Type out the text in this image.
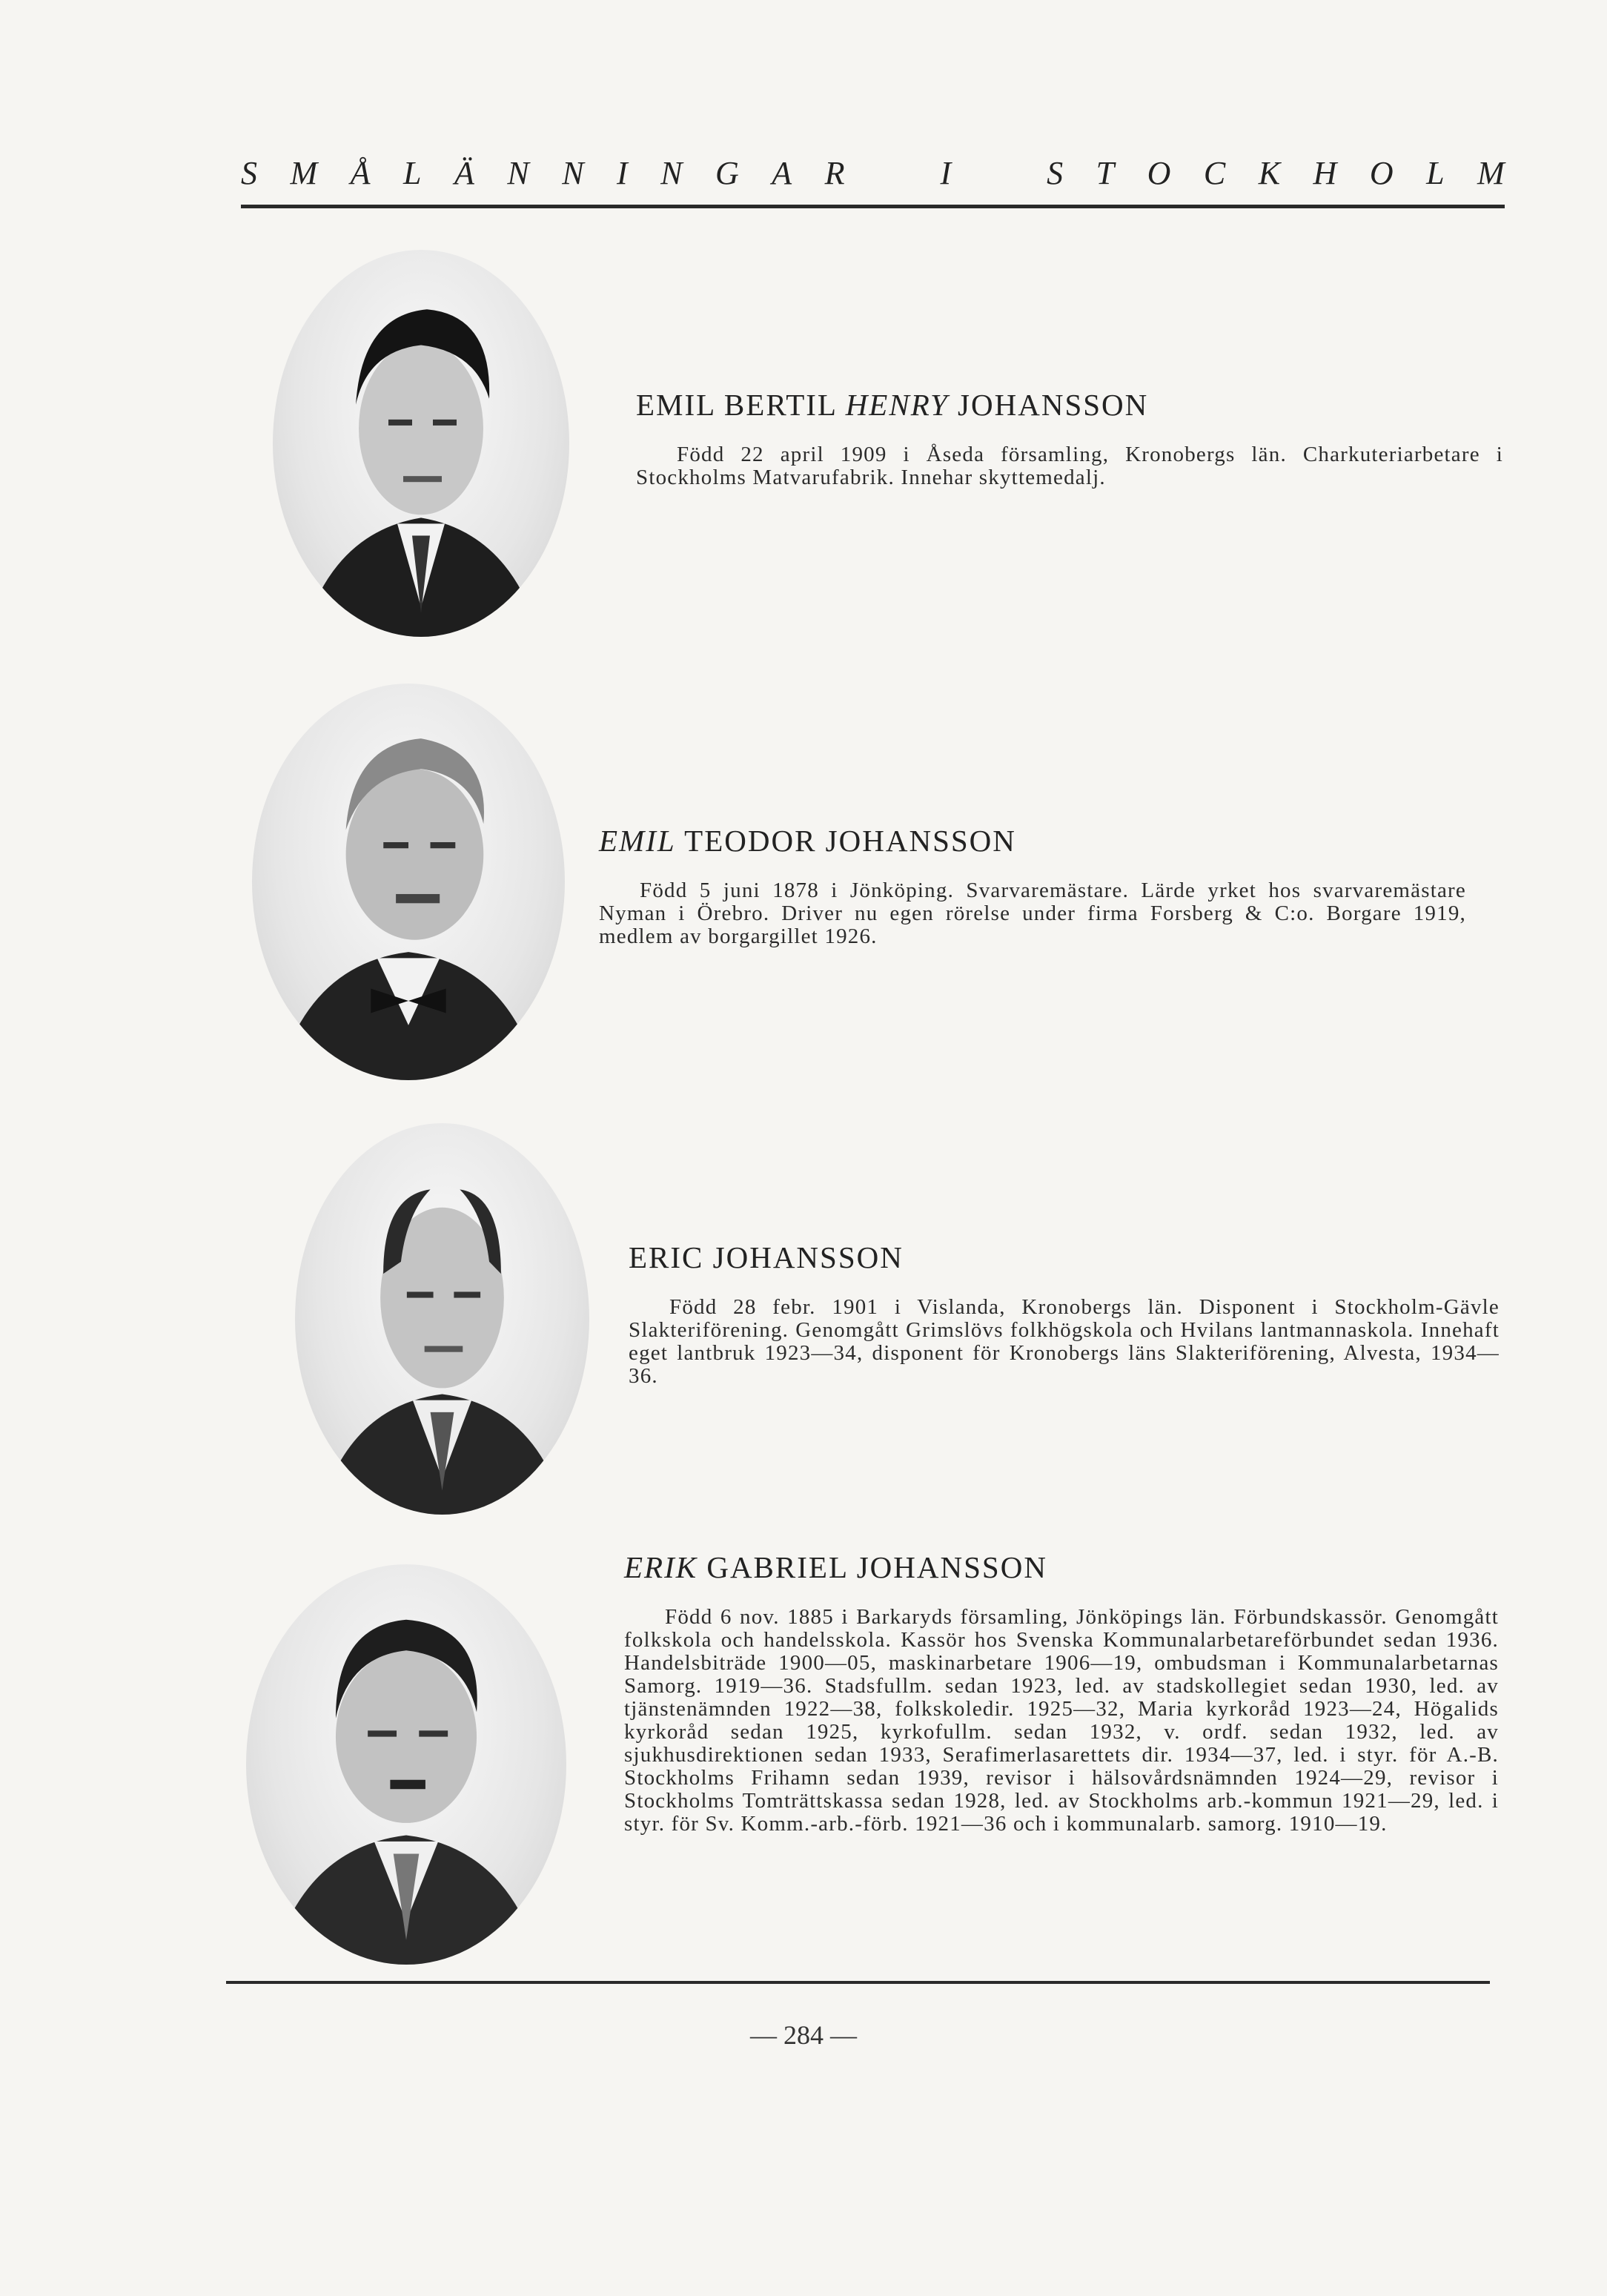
S M Å L Ä N N I N G A R	I	S T O C K H O L M
EMIL BERTIL HENRY JOHANSSON

Född 22 april 1909 i Åseda församling, Kronobergs län. Charkuteriarbetare i Stockholms Matvarufabrik. Innehar skyttemedalj.

EMIL TEODOR JOHANSSON

Född 5 juni 1878 i Jönköping. Svarvaremästare. Lärde yrket hos svarvaremästare Nyman i Örebro. Driver nu egen rörelse under firma Forsberg & C:o. Borgare 1919, medlem av borgargillet 1926.

ERIC JOHANSSON

Född 28 febr. 1901 i Vislanda, Kronobergs län. Disponent i Stockholm-Gävle Slakteriförening. Genomgått Grimslövs folkhögskola och Hvilans lantmannaskola. Innehaft eget lantbruk 1923—34, disponent för Kronobergs läns Slakteriförening, Alvesta, 1934—36.

ERIK GABRIEL JOHANSSON

Född 6 nov. 1885 i Barkaryds församling, Jönköpings län. Förbundskassör. Genomgått folkskola och handelsskola. Kassör hos Svenska Kommunalarbetareförbundet sedan 1936. Handelsbiträde 1900—05, maskinarbetare 1906—19, ombudsman i Kommunalarbetarnas Samorg. 1919—36. Stadsfullm. sedan 1923, led. av stadskollegiet sedan 1930, led. av tjänstenämnden 1922—38, folkskoledir. 1925—32, Maria kyrkoråd 1923—24, Högalids kyrkoråd sedan 1925, kyrkofullm. sedan 1932, v. ordf. sedan 1932, led. av sjukhusdirektionen sedan 1933, Serafimerlasarettets dir. 1934—37, led. i styr. för A.-B. Stockholms Frihamn sedan 1939, revisor i hälsovårdsnämnden 1924—29, revisor i Stockholms Tomträttskassa sedan 1928, led. av Stockholms arb.-kommun 1921—29, led. i styr. för Sv. Komm.-arb.-förb. 1921—36 och i kommunalarb. samorg. 1910—19.

— 284 —
